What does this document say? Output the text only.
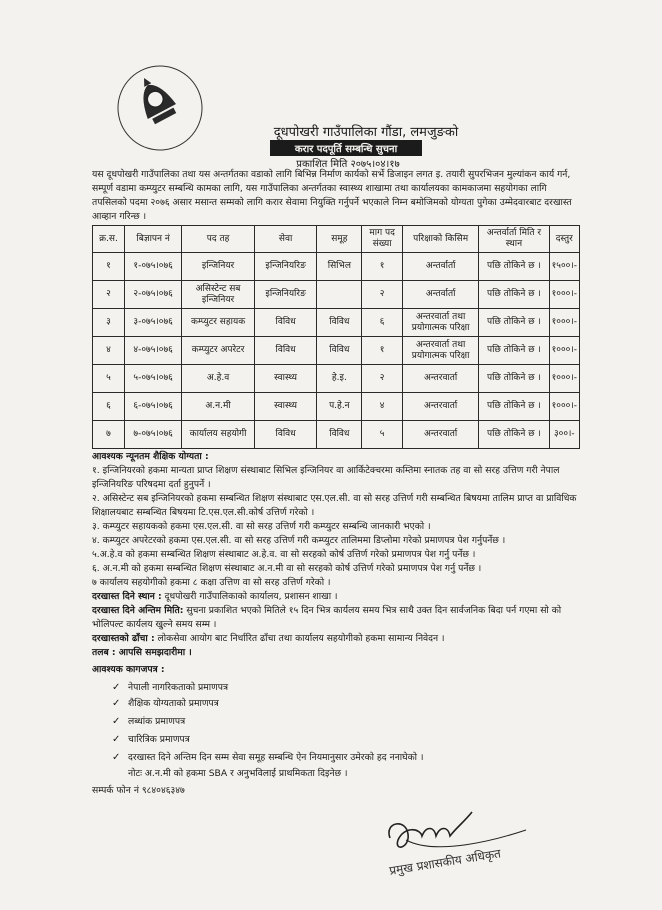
दूधपोखरी गाउँपालिका गौंडा, लमजुङको
करार पदपूर्ति सम्बन्धि सुचना
प्रकाशित मिति २०७५।०४।१७
यस दूधपोखरी गाउँपालिका तथा यस अन्तर्गतका वडाको लागि बिभिन्न निर्माण कार्यको सर्भे डिजाइन लगत इ. तयारी सुपरभिजन मुल्यांकन कार्य गर्न, सम्पूर्ण वडामा कम्प्युटर सम्बन्धि कामका लागि, यस गाउँपालिका अन्तर्गतका स्वास्थ्य शाखामा तथा कार्यालयका कामकाजमा सहयोगका लागि तपसिलको पदमा २०७६ असार मसान्त सम्मको लागि करार सेवामा नियुक्ति गर्नुपर्ने भएकाले निम्न बमोजिमको योग्यता पुगेका उम्मेदवारबाट दरखास्त आव्हान गरिन्छ ।
क्र.स.	बिज्ञापन नं	पद तह	सेवा	समूह	माग पद संख्या	परिक्षाको किसिम	अन्तर्वार्ता मिति र स्थान	दस्तुर
१	१-०७५।०७६	इन्जिनियर	इन्जिनियरिङ	सिभिल	१	अन्तर्वार्ता	पछि तोकिने छ ।	१५००।-
२	२-०७५।०७६	असिस्टेन्ट सब इन्जिनियर	इन्जिनियरिङ		२	अन्तर्वार्ता	पछि तोकिने छ ।	१०००।-
३	३-०७५।०७६	कम्प्युटर सहायक	विविध	विविध	६	अन्तरवार्ता तथा प्रयोगात्मक परिक्षा	पछि तोकिने छ ।	१०००।-
४	४-०७५।०७६	कम्प्युटर अपरेटर	विविध	विविध	१	अन्तरवार्ता तथा प्रयोगात्मक परिक्षा	पछि तोकिने छ ।	१०००।-
५	५-०७५।०७६	अ.हे.व	स्वास्थ्य	हे.इ.	२	अन्तरवार्ता	पछि तोकिने छ ।	१०००।-
६	६-०७५।०७६	अ.न.मी	स्वास्थ्य	प.हे.न	४	अन्तरवार्ता	पछि तोकिने छ ।	१०००।-
७	७-०७५।०७६	कार्यालय सहयोगी	विविध	विविध	५	अन्तरवार्ता	पछि तोकिने छ ।	३००।-
आवश्यक न्यूनतम शैक्षिक योग्यता :
१. इन्जिनियरको हकमा मान्यता प्राप्त शिक्षण संस्थाबाट सिभिल इन्जिनियर वा आर्किटेक्चरमा कम्तिमा स्नातक तह वा सो सरह उत्तिण गरी नेपाल इन्जिनियरिङ परिषदमा दर्ता हुनुपर्ने ।
२. असिस्टेन्ट सब इन्जिनियरको हकमा सम्बन्धित शिक्षण संस्थाबाट एस.एल.सी. वा सो सरह उत्तिर्ण गरी सम्बन्धित बिषयमा तालिम प्राप्त वा प्राविधिक शिक्षालयबाट सम्बन्धित बिषयमा टि.एस.एल.सी.कोर्ष उत्तिर्ण गरेको ।
३. कम्प्युटर सहायकको हकमा एस.एल.सी. वा सो सरह उत्तिर्ण गरी कम्प्युटर सम्बन्धि जानकारी भएको ।
४. कम्प्युटर अपरेटरको हकमा एस.एल.सी. वा सो सरह उत्तिर्ण गरी कम्प्युटर तालिममा डिप्लोमा गरेको प्रमाणपत्र पेश गर्नुपर्नेछ ।
५.अ.हे.व को हकमा सम्बन्धित शिक्षण संस्थाबाट अ.हे.व. वा सो सरहको कोर्ष उत्तिर्ण गरेको प्रमाणपत्र पेश गर्नु पर्नेछ ।
६. अ.न.मी को हकमा सम्बन्धित शिक्षण संस्थाबाट अ.न.मी वा सो सरहको कोर्ष उत्तिर्ण गरेको प्रमाणपत्र पेश गर्नु पर्नेछ ।
७ कार्यालय सहयोगीको हकमा ८ कक्षा उत्तिण वा सो सरह उत्तिर्ण गरेको ।
दरखास्त दिने स्थान : दूधपोखरी गाउँपालिकाको कार्यालय, प्रशासन शाखा ।
दरखास्त दिने अन्तिम मिति: सुचना प्रकाशित भएको मितिले १५ दिन भित्र कार्यलय समय भित्र साथै उक्त दिन सार्वजनिक बिदा पर्न गएमा सो को भोलिपल्ट कार्यलय खुल्ने समय सम्म ।
दरखास्तको ढाँचा : लोकसेवा आयोग बाट निर्धारित ढाँचा तथा कार्यालय सहयोगीको हकमा सामान्य निवेदन ।
तलब : आपसि समझदारीमा ।
आवश्यक कागजपत्र :
✓ नेपाली नागरिकताको प्रमाणपत्र
✓ शैक्षिक योग्यताको प्रमाणपत्र
✓ लब्धांक प्रमाणपत्र
✓ चारित्रिक प्रमाणपत्र
✓ दरखास्त दिने अन्तिम दिन सम्म सेवा समूह सम्बन्धि ऐन नियमानुसार उमेरको हद ननाघेको ।
नोटः अ.न.मी को हकमा SBA र अनुभविलाई प्राथमिकता दिइनेछ ।
सम्पर्क फोन नं ९८४०४६३४७
प्रमुख प्रशासकीय अधिकृत
